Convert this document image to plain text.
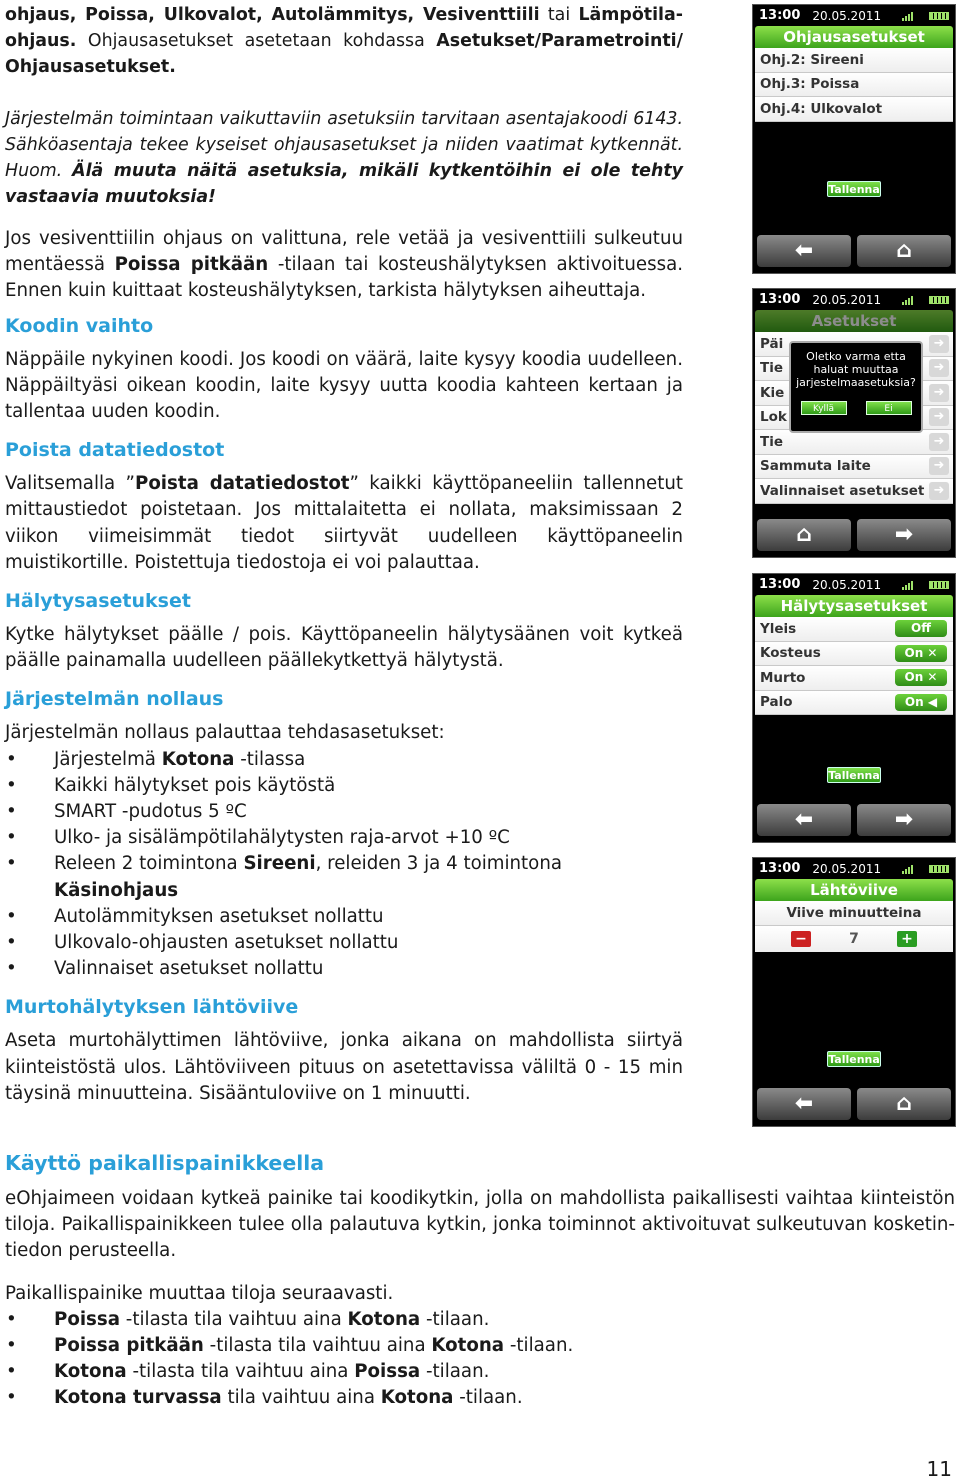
ohjaus, Poissa, Ulkovalot, Autolämmitys, Vesiventtiili tai Lämpötila-ohjaus. Ohjausasetukset asetetaan kohdassa Asetukset/Parametrointi/ Ohjausasetukset.
Järjestelmän toimintaan vaikuttaviin asetuksiin tarvitaan asentajakoodi 6143. Sähköasentaja tekee kyseiset ohjausasetukset ja niiden vaatimat kytkennät. Huom. Älä muuta näitä asetuksia, mikäli kytkentöihin ei ole tehty vastaavia muutoksia!
Jos vesiventtiilin ohjaus on valittuna, rele vetää ja vesiventtiili sulkeutuu mentäessä Poissa pitkään -tilaan tai kosteushälytyksen aktivoituessa. Ennen kuin kuittaat kosteushälytyksen, tarkista hälytyksen aiheuttaja.
Koodin vaihto
Näppäile nykyinen koodi. Jos koodi on väärä, laite kysyy koodia uudelleen. Näppäiltyäsi oikean koodin, laite kysyy uutta koodia kahteen kertaan ja tallentaa uuden koodin.
Poista datatiedostot
Valitsemalla ”Poista datatiedostot” kaikki käyttöpaneeliin tallennetut mittaustiedot poistetaan. Jos mittalaitetta ei nollata, maksimissaan 2 viikon viimeisimmät tiedot siirtyvät uudelleen käyttöpaneelin muistikortille. Poistettuja tiedostoja ei voi palauttaa.
Hälytysasetukset
Kytke hälytykset päälle / pois. Käyttöpaneelin hälytysäänen voit kytkeä päälle painamalla uudelleen päällekytkettyä hälytystä.
Järjestelmän nollaus
Järjestelmän nollaus palauttaa tehdasasetukset:
• Järjestelmä Kotona -tilassa
• Kaikki hälytykset pois käytöstä
• SMART -pudotus 5 ºC
• Ulko- ja sisälämpötilahälytysten raja-arvot +10 ºC
• Releen 2 toimintona Sireeni, releiden 3 ja 4 toimintona Käsinohjaus
• Autolämmityksen asetukset nollattu
• Ulkovalo-ohjausten asetukset nollattu
• Valinnaiset asetukset nollattu
Murtohälytyksen lähtöviive
Aseta murtohälyttimen lähtöviive, jonka aikana on mahdollista siirtyä kiinteistöstä ulos. Lähtöviiveen pituus on asetettavissa väliltä 0 - 15 min täysinä minuutteina. Sisääntuloviive on 1 minuutti.
Käyttö paikallispainikkeella
eOhjaimeen voidaan kytkeä painike tai koodikytkin, jolla on mahdollista paikallisesti vaihtaa kiinteistön tiloja. Paikallispainikkeen tulee olla palautuva kytkin, jonka toiminnot aktivoituvat sulkeutuvan kosketintiedon perusteella.
Paikallispainike muuttaa tiloja seuraavasti.
• Poissa -tilasta tila vaihtuu aina Kotona -tilaan.
• Poissa pitkään -tilasta tila vaihtuu aina Kotona -tilaan.
• Kotona -tilasta tila vaihtuu aina Poissa -tilaan.
• Kotona turvassa tila vaihtuu aina Kotona -tilaan.
11
13:00 20.05.2011
Ohjausasetukset
Ohj.2: Sireeni
Ohj.3: Poissa
Ohj.4: Ulkovalot
Tallenna
⬅	⌂
13:00 20.05.2011
Asetukset
Päi	➜
Tie	➜
Kie	➜
Lok	➜
Tie	➜
Sammuta laite	➜
Valinnaiset asetukset ➜
Oletko varma etta haluat muuttaa jarjestelmaasetuksia?
Kyllä	Ei
⌂	➡
13:00 20.05.2011
Hälytysasetukset
Yleis	Off
Kosteus	On ✕
Murto	On ✕
Palo	On ◀
Tallenna
⬅	➡
13:00 20.05.2011
Lähtöviive
Viive minuutteina
−	7	+
Tallenna
⬅	⌂
